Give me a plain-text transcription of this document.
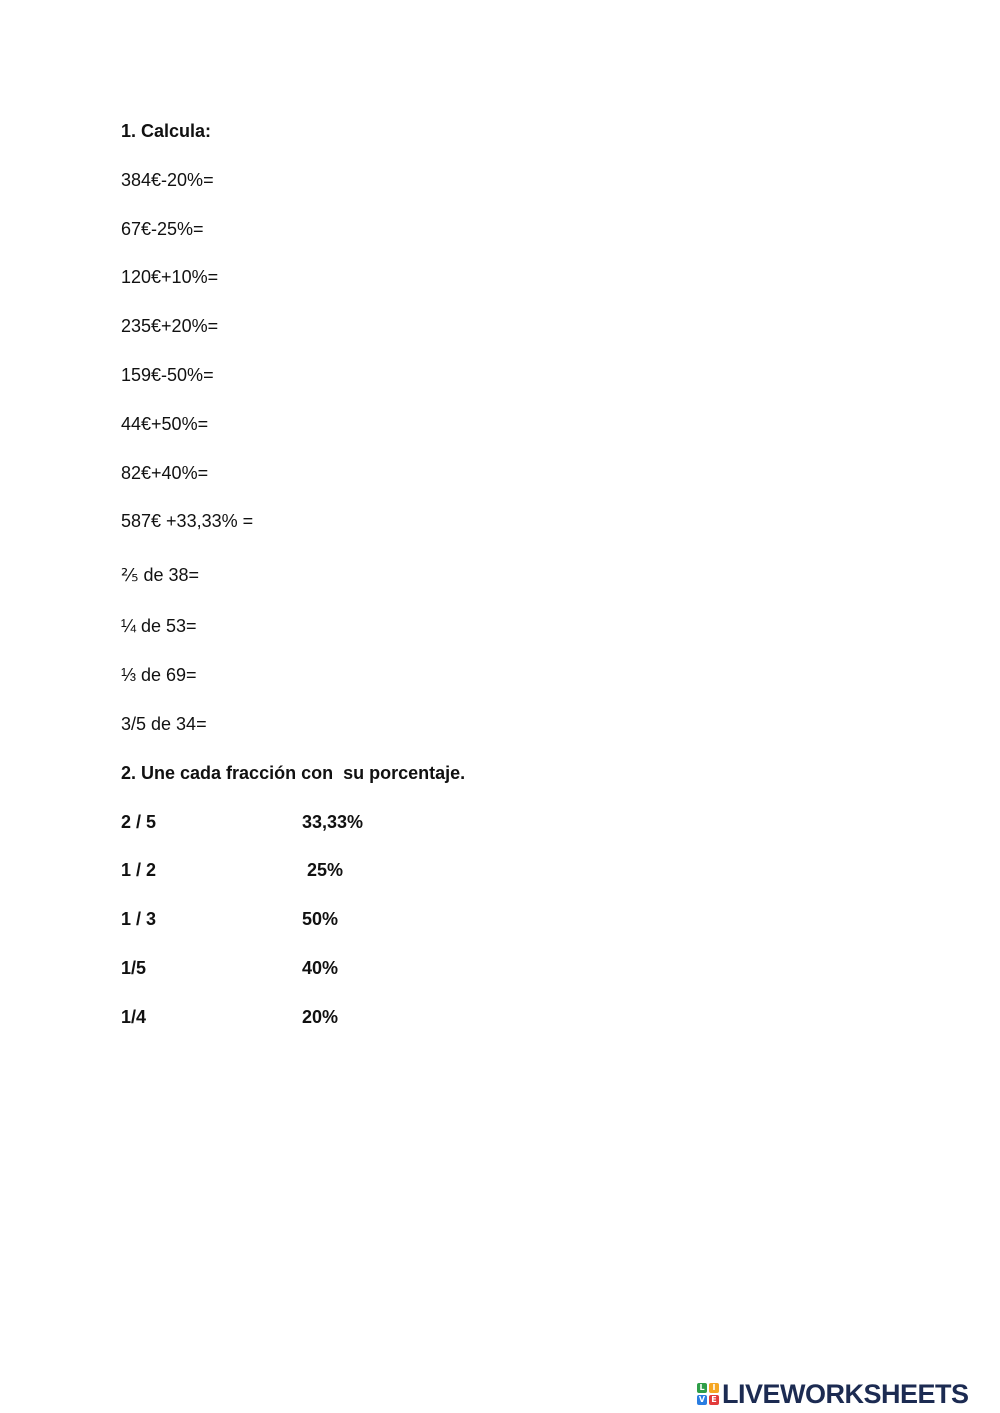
1. Calcula:
384€-20%=
67€-25%=
120€+10%=
235€+20%=
159€-50%=
44€+50%=
82€+40%=
587€ +33,33% =
⅖ de 38=
¼ de 53=
⅓ de 69=
3/5 de 34=
2. Une cada fracción con  su porcentaje.
2 / 5	33,33%
1 / 2	25%
1 / 3	50%
1/5	40%
1/4	20%
L I
V E LIVEWORKSHEETS
